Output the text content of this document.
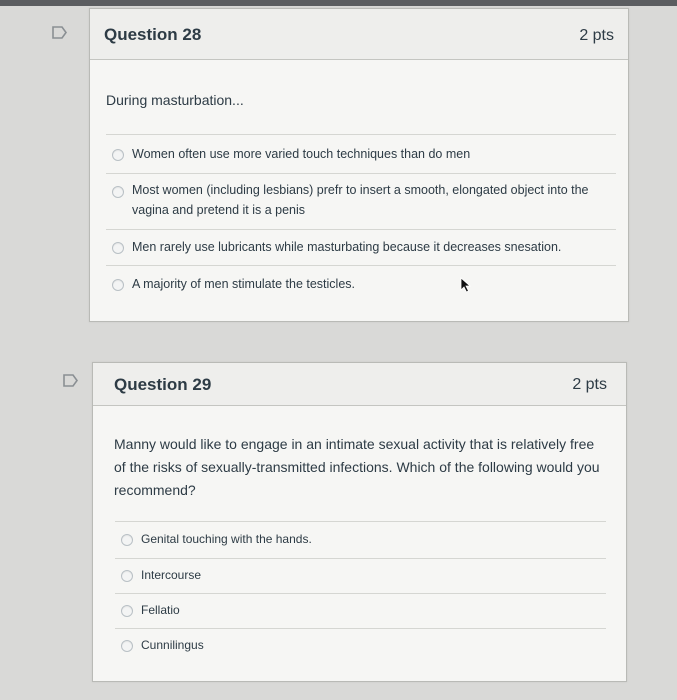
Question 28	2 pts
During masturbation...
Women often use more varied touch techniques than do men
Most women (including lesbians) prefr to insert a smooth, elongated object into the vagina and pretend it is a penis
Men rarely use lubricants while masturbating because it decreases snesation.
A majority of men stimulate the testicles.
Question 29	2 pts
Manny would like to engage in an intimate sexual activity that is relatively free of the risks of sexually-transmitted infections. Which of the following would you recommend?
Genital touching with the hands.
Intercourse
Fellatio
Cunnilingus
